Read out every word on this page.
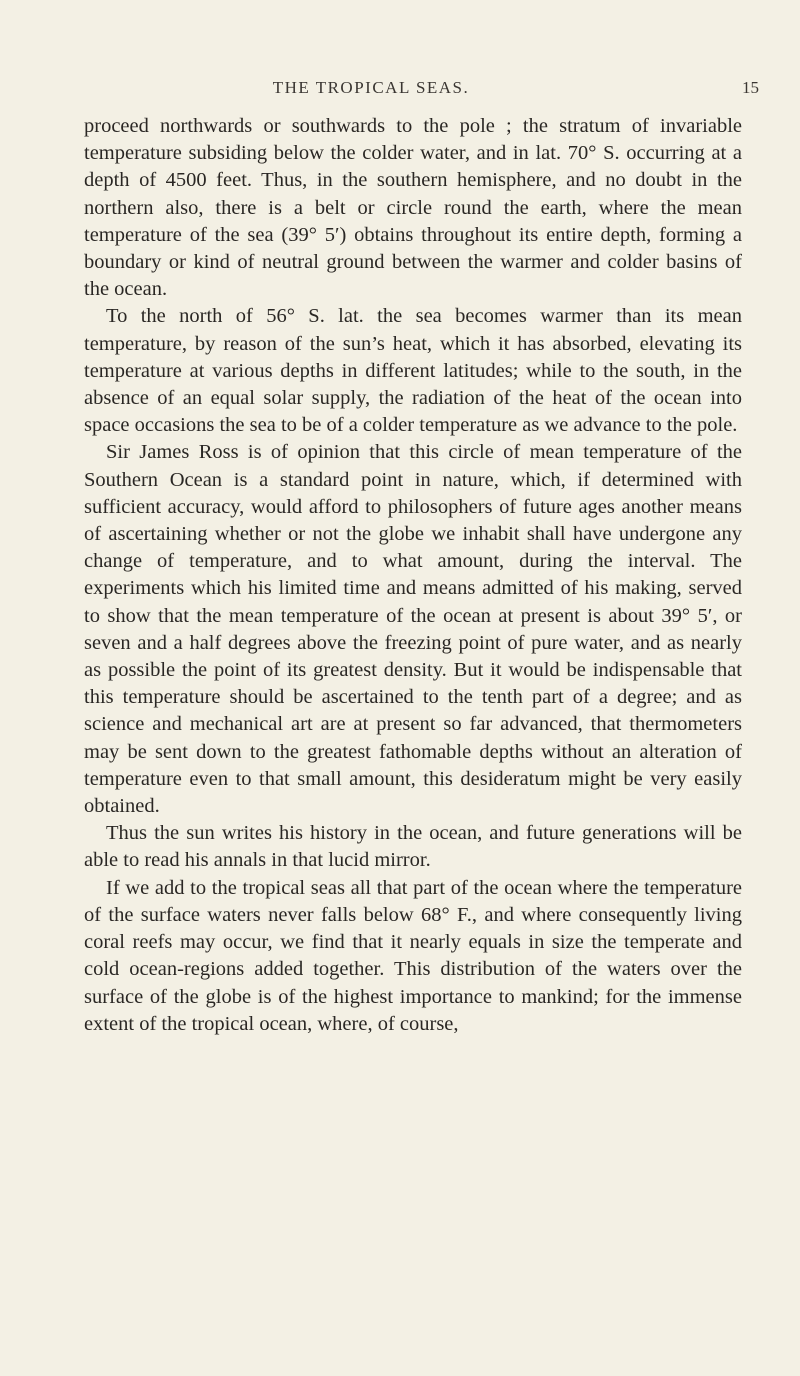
THE TROPICAL SEAS.	15

proceed northwards or southwards to the pole ; the stratum of invariable temperature subsiding below the colder water, and in lat. 70° S. occurring at a depth of 4500 feet. Thus, in the southern hemisphere, and no doubt in the northern also, there is a belt or circle round the earth, where the mean temperature of the sea (39° 5′) obtains throughout its entire depth, forming a boundary or kind of neutral ground between the warmer and colder basins of the ocean.

To the north of 56° S. lat. the sea becomes warmer than its mean temperature, by reason of the sun’s heat, which it has absorbed, elevating its temperature at various depths in different latitudes; while to the south, in the absence of an equal solar supply, the radiation of the heat of the ocean into space occasions the sea to be of a colder temperature as we advance to the pole.

Sir James Ross is of opinion that this circle of mean temperature of the Southern Ocean is a standard point in nature, which, if determined with sufficient accuracy, would afford to philosophers of future ages another means of ascertaining whether or not the globe we inhabit shall have undergone any change of temperature, and to what amount, during the interval. The experiments which his limited time and means admitted of his making, served to show that the mean temperature of the ocean at present is about 39° 5′, or seven and a half degrees above the freezing point of pure water, and as nearly as possible the point of its greatest density. But it would be indispensable that this temperature should be ascertained to the tenth part of a degree; and as science and mechanical art are at present so far advanced, that thermometers may be sent down to the greatest fathomable depths without an alteration of temperature even to that small amount, this desideratum might be very easily obtained.

Thus the sun writes his history in the ocean, and future generations will be able to read his annals in that lucid mirror.

If we add to the tropical seas all that part of the ocean where the temperature of the surface waters never falls below 68° F., and where consequently living coral reefs may occur, we find that it nearly equals in size the temperate and cold ocean-regions added together. This distribution of the waters over the surface of the globe is of the highest importance to mankind; for the immense extent of the tropical ocean, where, of course,
